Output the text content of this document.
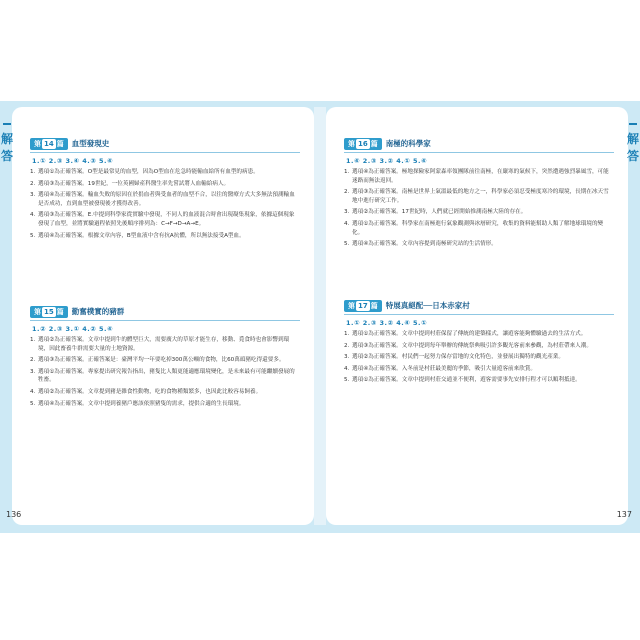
第 14 篇	血型發現史
1.① 2.③ 3.④ 4.③ 5.④
1. 選項①為正確答案。O型是最常見的血型，因為O型血在危急時能輸血給所有血型的病患。
2. 選項③為正確答案。19世紀，一位英國婦產科醫生率先嘗試將人血輸給病人。
3. 選項④為正確答案。輸血失敗的原因在於捐血者與受血者的血型不合，以往的醫療方式大多無法預測輸血是否成功，直到血型被發現後才獲得改善。
4. 選項③為正確答案。E.中提到科學家從實驗中發現，不同人的血液混合時會出現凝集現象，依據這個現象發現了血型，並將實驗過程依照先後順序排列為：C→F→D→A→E。
5. 選項④為正確答案。根據文章內容，B型血液中含有抗A抗體，所以無法接受A型血。
第 15 篇	勤奮樸實的豬群
1.② 2.③ 3.① 4.② 5.④
1. 選項②為正確答案。文章中提到牛的體型巨大，需要廣大的草原才能生存，移動、覓食時也會影響到環境，因此畜養牛群需要大量的土地資源。
2. 選項③為正確答案。正確答案是：臺灣平均一年要吃掉300萬公噸的食物，比60萬頭豬吃得還要多。
3. 選項①為正確答案。專家提出研究報告指出，豬隻比人類更能適應環境變化，是未來最有可能繼續發展的牲畜。
4. 選項②為正確答案。文章提到豬是雜食性動物，吃的食物種類繁多，也因此比較容易飼養。
5. 選項④為正確答案。文章中提到養豬戶應該依照豬隻的需求，提供合適的生長環境。
136
第 16 篇	南極的科學家
1.④ 2.③ 3.② 4.① 5.④
1. 選項④為正確答案。極地探險家阿蒙森率領團隊前往南極，在嚴寒的氣候下，突然遭遇強烈暴風雪，可能迷路而無法返回。
2. 選項③為正確答案。南極是世界上氣溫最低的地方之一，科學家必須忍受極度寒冷的環境，長期在冰天雪地中進行研究工作。
3. 選項②為正確答案。17世紀時，人們就已經開始推測南極大陸的存在。
4. 選項①為正確答案。科學家在南極進行氣象觀測與冰層研究，收集的資料能幫助人類了解地球環境的變化。
5. 選項④為正確答案。文章內容提到南極研究站的生活情形。
第 17 篇	特展真絕配──日本赤家村
1.① 2.③ 3.② 4.④ 5.①
1. 選項①為正確答案。文章中提到村莊保留了傳統的建築樣式，讓遊客能夠體驗過去的生活方式。
2. 選項③為正確答案。文章中提到每年舉辦的傳統祭典吸引許多觀光客前來參觀，為村莊帶來人潮。
3. 選項②為正確答案。村民們一起努力保存當地的文化特色，並發展出獨特的觀光產業。
4. 選項④為正確答案。入冬前是村莊最美麗的季節，吸引大量遊客前來欣賞。
5. 選項①為正確答案。文章中提到村莊交通並不便利，遊客需要事先安排行程才可以順利抵達。
137
解答
解答
